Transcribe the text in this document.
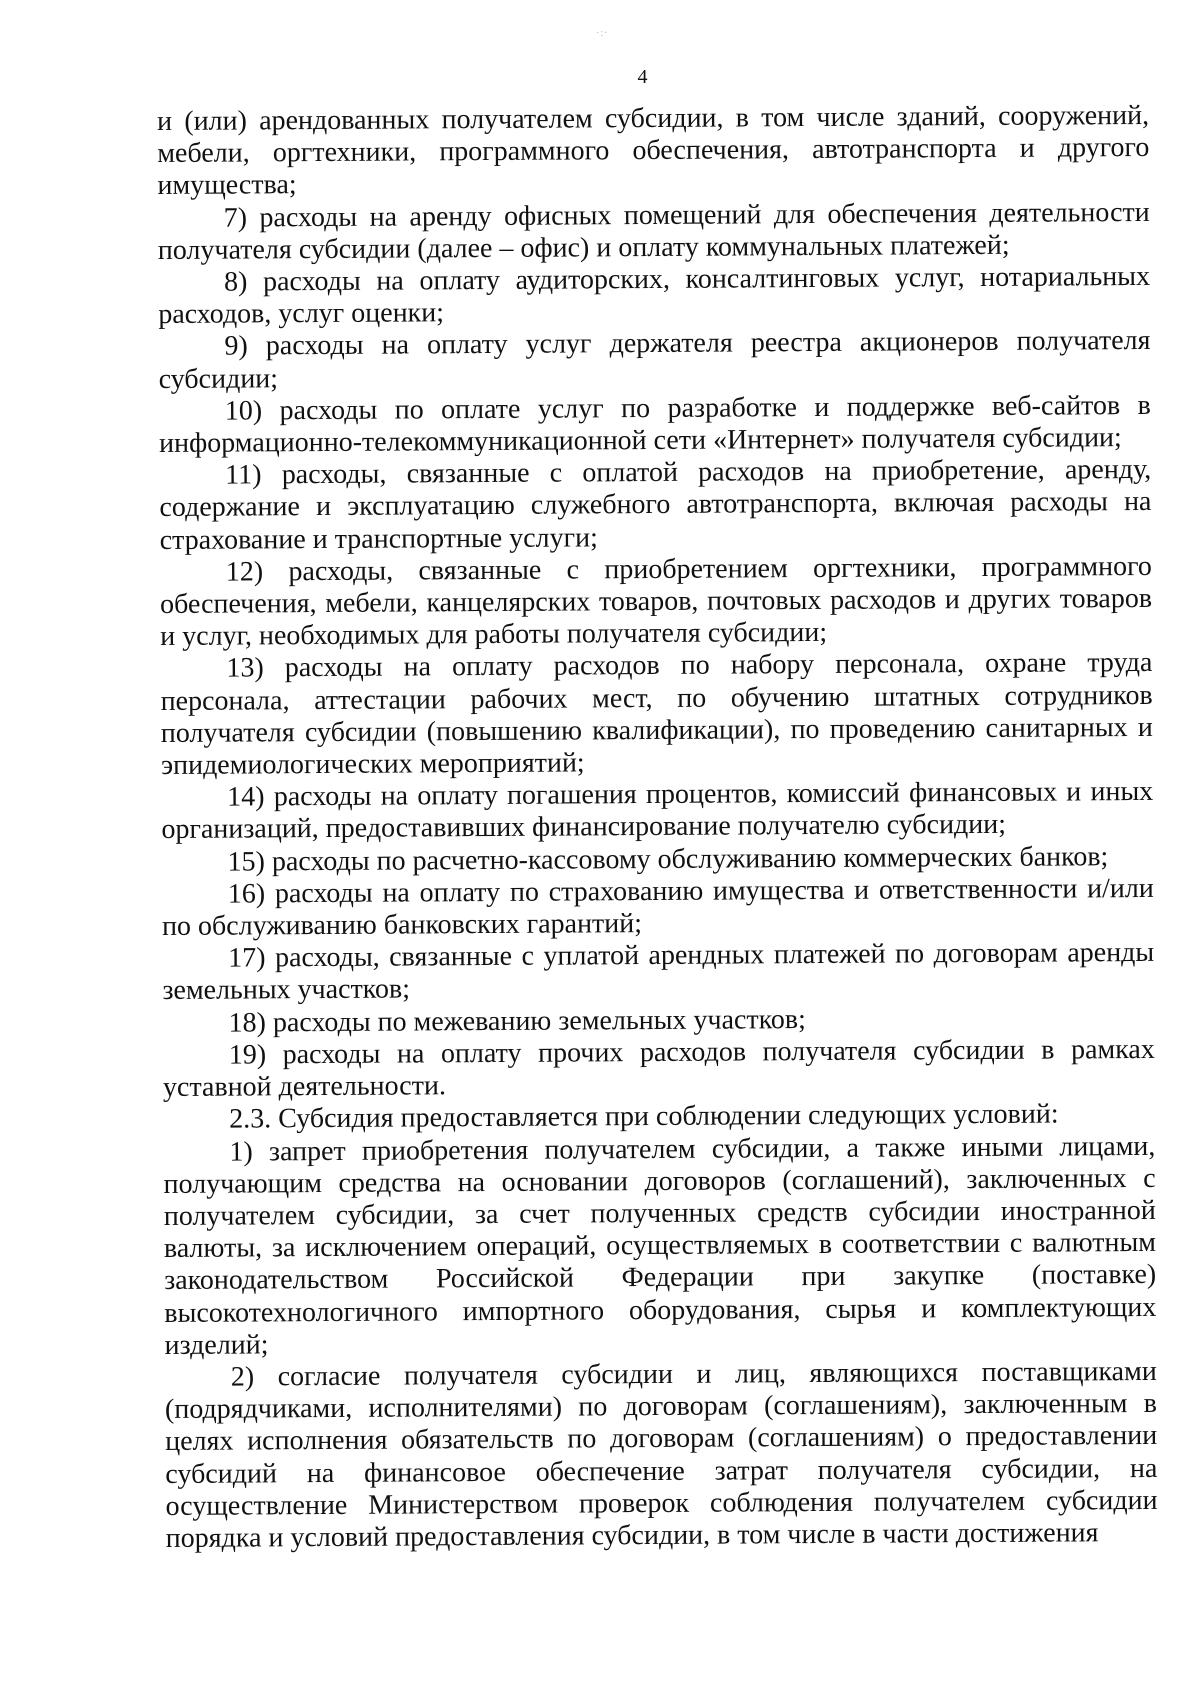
·:·
4

и (или) арендованных получателем субсидии, в том числе зданий, сооружений, мебели, оргтехники, программного обеспечения, автотранспорта и другого имущества;

7) расходы на аренду офисных помещений для обеспечения деятельности получателя субсидии (далее – офис) и оплату коммунальных платежей;

8) расходы на оплату аудиторских, консалтинговых услуг, нотариальных расходов, услуг оценки;

9) расходы на оплату услуг держателя реестра акционеров получателя субсидии;

10) расходы по оплате услуг по разработке и поддержке веб-сайтов в информационно-телекоммуникационной сети «Интернет» получателя субсидии;

11) расходы, связанные с оплатой расходов на приобретение, аренду, содержание и эксплуатацию служебного автотранспорта, включая расходы на страхование и транспортные услуги;

12) расходы, связанные с приобретением оргтехники, программного обеспечения, мебели, канцелярских товаров, почтовых расходов и других товаров и услуг, необходимых для работы получателя субсидии;

13) расходы на оплату расходов по набору персонала, охране труда персонала, аттестации рабочих мест, по обучению штатных сотрудников получателя субсидии (повышению квалификации), по проведению санитарных и эпидемиологических мероприятий;

14) расходы на оплату погашения процентов, комиссий финансовых и иных организаций, предоставивших финансирование получателю субсидии;

15) расходы по расчетно-кассовому обслуживанию коммерческих банков;

16) расходы на оплату по страхованию имущества и ответственности и/или по обслуживанию банковских гарантий;

17) расходы, связанные с уплатой арендных платежей по договорам аренды земельных участков;

18) расходы по межеванию земельных участков;

19) расходы на оплату прочих расходов получателя субсидии в рамках уставной деятельности.

2.3. Субсидия предоставляется при соблюдении следующих условий:

1) запрет приобретения получателем субсидии, а также иными лицами, получающим средства на основании договоров (соглашений), заключенных с получателем субсидии, за счет полученных средств субсидии иностранной валюты, за исключением операций, осуществляемых в соответствии с валютным законодательством Российской Федерации при закупке (поставке) высокотехнологичного импортного оборудования, сырья и комплектующих изделий;

2) согласие получателя субсидии и лиц, являющихся поставщиками (подрядчиками, исполнителями) по договорам (соглашениям), заключенным в целях исполнения обязательств по договорам (соглашениям) о предоставлении субсидий на финансовое обеспечение затрат получателя субсидии, на осуществление Министерством проверок соблюдения получателем субсидии порядка и условий предоставления субсидии, в том числе в части достижения
